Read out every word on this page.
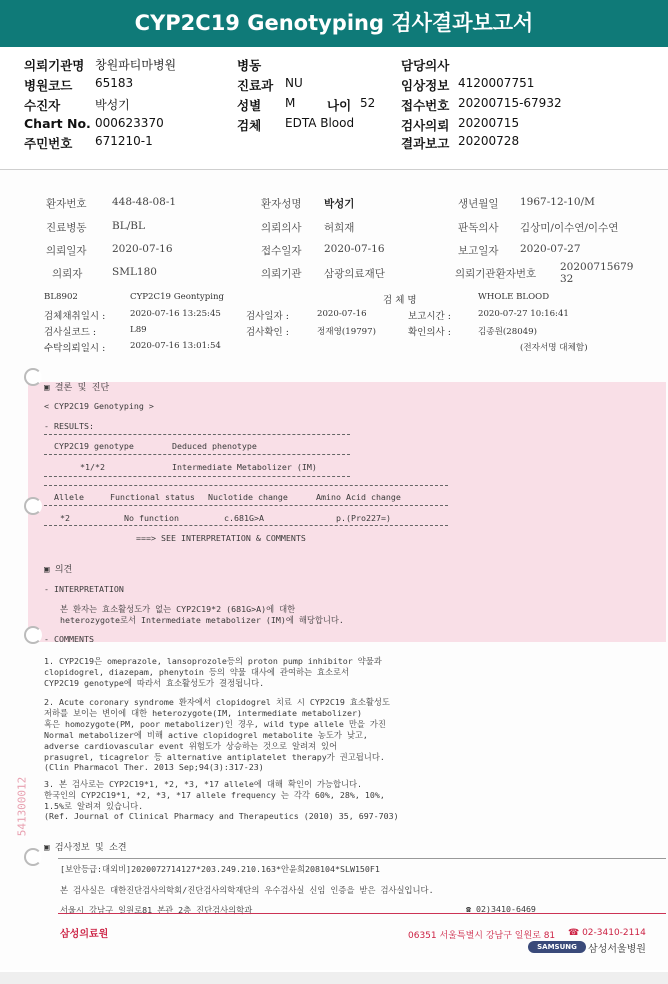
CYP2C19 Genotyping 검사결과보고서
의뢰기관명 창원파티마병원
병원코드 65183
수진자	박성기
Chart No. 000623370
주민번호 671210-1
병동
진료과 NU
성별 M	나이 52
검체 EDTA Blood
담당의사
임상정보 4120007751
접수번호 20200715-67932
검사의뢰 20200715
결과보고 20200728
환자번호 448-48-08-1	환자성명 박성기	생년월일 1967-12-10/M
진료병동 BL/BL	의뢰의사 허희재	판독의사 김상미/이수연/이수연
의뢰일자 2020-07-16	접수일자 2020-07-16	보고일자 2020-07-27
의뢰자	SML180	의뢰기관 삼광의료재단	의뢰기관환자번호
2020071567932
BL8902	CYP2C19 Geontyping	검 체 명	WHOLE BLOOD
검체채취일시 :	2020-07-16 13:25:45	검사일자 :	2020-07-16	보고시간 :	2020-07-27 10:16:41
검사실코드 :	L89	검사확인 :	정재영(19797)	확인의사 :	김종원(28049)
수탁의뢰일시 :	2020-07-16 13:01:54	(전자서명 대체함)
▣ 결론 및 진단
< CYP2C19 Genotyping >
- RESULTS:
CYP2C19 genotype	Deduced phenotype
*1/*2	Intermediate Metabolizer (IM)
Allele	Functional status Nuclotide change	Amino Acid change
*2	No function	c.681G>A	p.(Pro227=)
===> SEE INTERPRETATION & COMMENTS
▣ 의견
- INTERPRETATION
본 환자는 효소활성도가 없는 CYP2C19*2 (681G>A)에 대한
heterozygote로서 Intermediate metabolizer (IM)에 해당합니다.
- COMMENTS
1. CYP2C19은 omeprazole, lansoprozole등의 proton pump inhibitor 약물과
clopidogrel, diazepam, phenytoin 등의 약물 대사에 관여하는 효소로서
CYP2C19 genotype에 따라서 효소활성도가 결정됩니다.
2. Acute coronary syndrome 환자에서 clopidogrel 치료 시 CYP2C19 효소활성도
저하를 보이는 변이에 대한 heterozygote(IM, intermediate metabolizer)
혹은 homozygote(PM, poor metabolizer)인 경우, wild type allele 만을 가진
Normal metabolizer에 비해 active clopidogrel metabolite 농도가 낮고,
adverse cardiovascular event 위험도가 상승하는 것으로 알려져 있어
prasugrel, ticagrelor 등 alternative antiplatelet therapy가 권고됩니다.
(Clin Pharmacol Ther. 2013 Sep;94(3):317-23)
3. 본 검사로는 CYP2C19*1, *2, *3, *17 allele에 대해 확인이 가능합니다.
한국인의 CYP2C19*1, *2, *3, *17 allele frequency 는 각각 60%, 28%, 10%,
1.5%로 알려져 있습니다.
(Ref. Journal of Clinical Pharmacy and Therapeutics (2010) 35, 697-703)
▣ 검사정보 및 소견
[보안등급:대외비]2020072714127*203.249.210.163*안윤희208104*SLW150F1
본 검사실은 대한진단검사의학회/진단검사의학재단의 우수검사실 신임 인증을 받은 검사실입니다.
서울시 강남구 일원로81 본관 2층 진단검사의학과	☎ 02)3410-6469
541300012
삼성의료원	06351 서울특별시 강남구 일원로 81 ☎ 02-3410-2114
SAMSUNG	삼성서울병원
